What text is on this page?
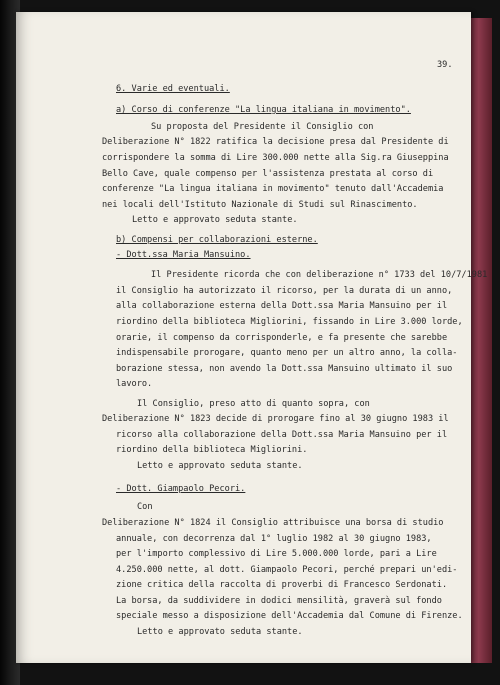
39.
6. Varie ed eventuali.
a) Corso di conferenze "La lingua italiana in movimento".
Su proposta del Presidente il Consiglio con
Deliberazione N° 1822 ratifica la decisione presa dal Presidente di
corrispondere la somma di Lire 300.000 nette alla Sig.ra Giuseppina
Bello Cave, quale compenso per l'assistenza prestata al corso di
conferenze "La lingua italiana in movimento" tenuto dall'Accademia
nei locali dell'Istituto Nazionale di Studi sul Rinascimento.
Letto e approvato seduta stante.
b) Compensi per collaborazioni esterne.
- Dott.ssa Maria Mansuino.
Il Presidente ricorda che con deliberazione n° 1733 del 10/7/1981
il Consiglio ha autorizzato il ricorso, per la durata di un anno,
alla collaborazione esterna della Dott.ssa Maria Mansuino per il
riordino della biblioteca Migliorini, fissando in Lire 3.000 lorde,
orarie, il compenso da corrisponderle, e fa presente che sarebbe
indispensabile prorogare, quanto meno per un altro anno, la colla-
borazione stessa, non avendo la Dott.ssa Mansuino ultimato il suo
lavoro.
Il Consiglio, preso atto di quanto sopra, con
Deliberazione N° 1823 decide di prorogare fino al 30 giugno 1983 il
ricorso alla collaborazione della Dott.ssa Maria Mansuino per il
riordino della biblioteca Migliorini.
Letto e approvato seduta stante.
- Dott. Giampaolo Pecori.
Con
Deliberazione N° 1824 il Consiglio attribuisce una borsa di studio
annuale, con decorrenza dal 1° luglio 1982 al 30 giugno 1983,
per l'importo complessivo di Lire 5.000.000 lorde, pari a Lire
4.250.000 nette, al dott. Giampaolo Pecori, perché prepari un'edi-
zione critica della raccolta di proverbi di Francesco Serdonati.
La borsa, da suddividere in dodici mensilità, graverà sul fondo
speciale messo a disposizione dell'Accademia dal Comune di Firenze.
Letto e approvato seduta stante.
